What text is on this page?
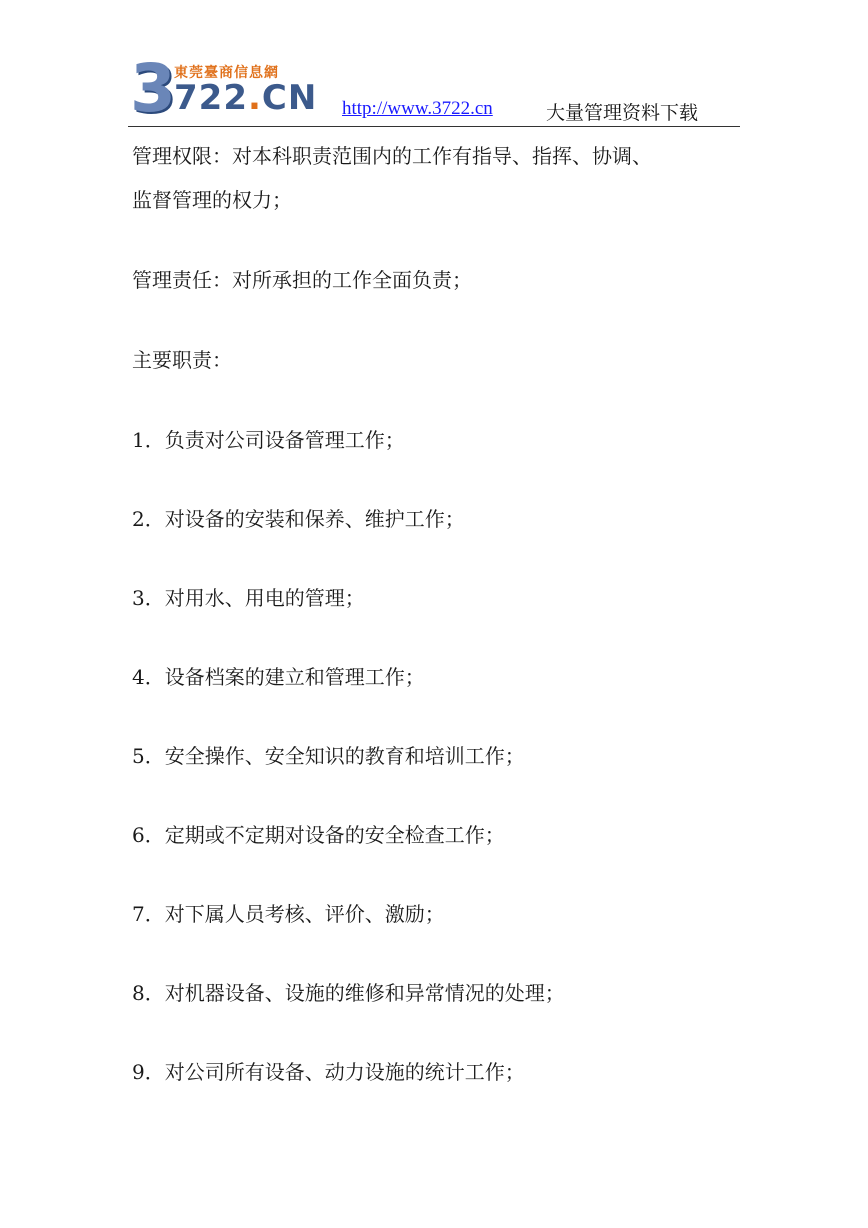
3
東莞臺商信息網
722.CN http://www.3722.cn	大量管理资料下载

管理权限：对本科职责范围内的工作有指导、指挥、协调、

监督管理的权力；

管理责任：对所承担的工作全面负责；

主要职责：

1．负责对公司设备管理工作；

2．对设备的安装和保养、维护工作；

3．对用水、用电的管理；

4．设备档案的建立和管理工作；

5．安全操作、安全知识的教育和培训工作；

6．定期或不定期对设备的安全检查工作；

7．对下属人员考核、评价、激励；

8．对机器设备、设施的维修和异常情况的处理；

9．对公司所有设备、动力设施的统计工作；
